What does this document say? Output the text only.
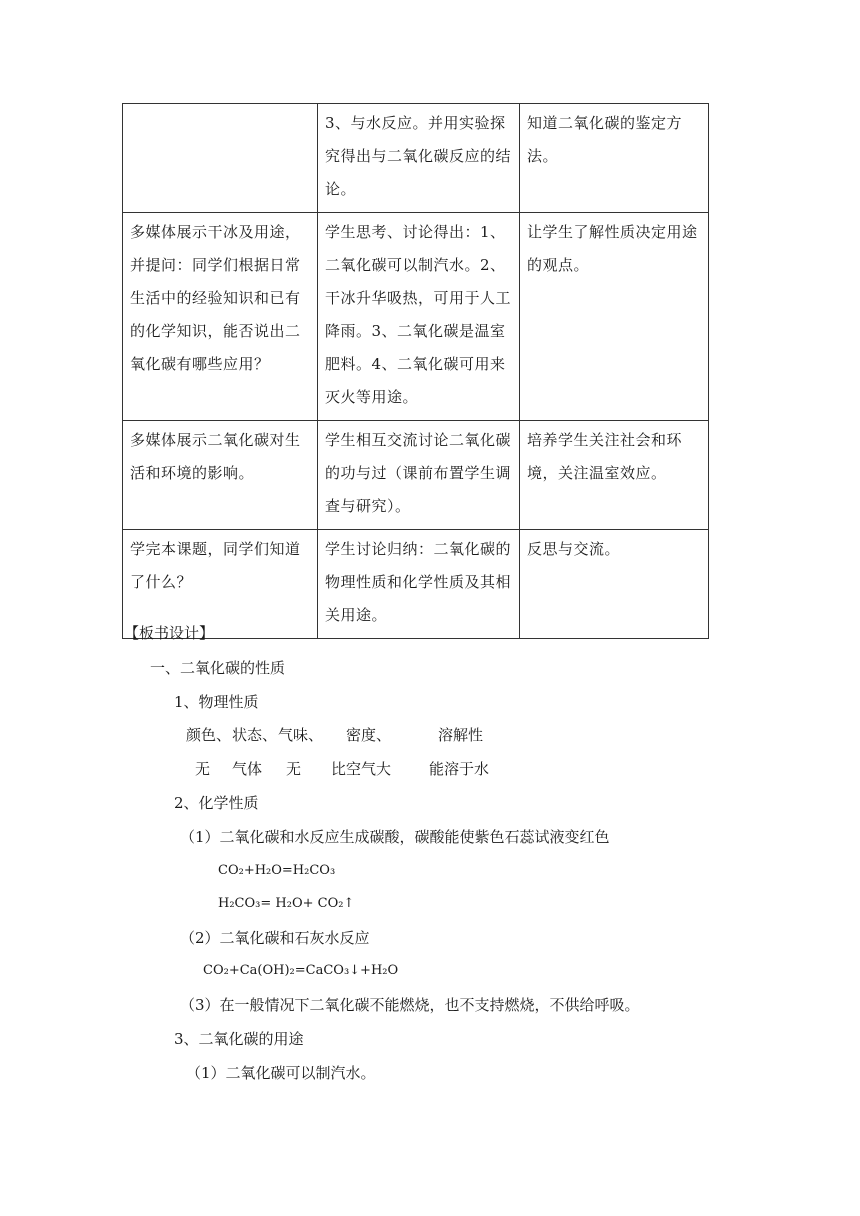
	3、与水反应。并用实验探究得出与二氧化碳反应的结论。	知道二氧化碳的鉴定方法。
多媒体展示干冰及用途，并提问：同学们根据日常生活中的经验知识和已有的化学知识，能否说出二氧化碳有哪些应用？	学生思考、讨论得出：1、二氧化碳可以制汽水。2、干冰升华吸热，可用于人工降雨。3、二氧化碳是温室肥料。4、二氧化碳可用来灭火等用途。	让学生了解性质决定用途的观点。
多媒体展示二氧化碳对生活和环境的影响。	学生相互交流讨论二氧化碳的功与过（课前布置学生调查与研究）。	培养学生关注社会和环境，关注温室效应。
学完本课题，同学们知道了什么？	学生讨论归纳：二氧化碳的物理性质和化学性质及其相关用途。	反思与交流。
【板书设计】
一、二氧化碳的性质
1、物理性质
颜色、 状态、 气味、 密度、	溶解性
无 气体 无 比空气大	能溶于水
2、化学性质
（1）二氧化碳和水反应生成碳酸，碳酸能使紫色石蕊试液变红色
CO₂+H₂O=H₂CO₃
H₂CO₃= H₂O+ CO₂↑
（2）二氧化碳和石灰水反应
CO₂+Ca(OH)₂=CaCO₃↓+H₂O
（3）在一般情况下二氧化碳不能燃烧，也不支持燃烧，不供给呼吸。
3、二氧化碳的用途
（1）二氧化碳可以制汽水。
